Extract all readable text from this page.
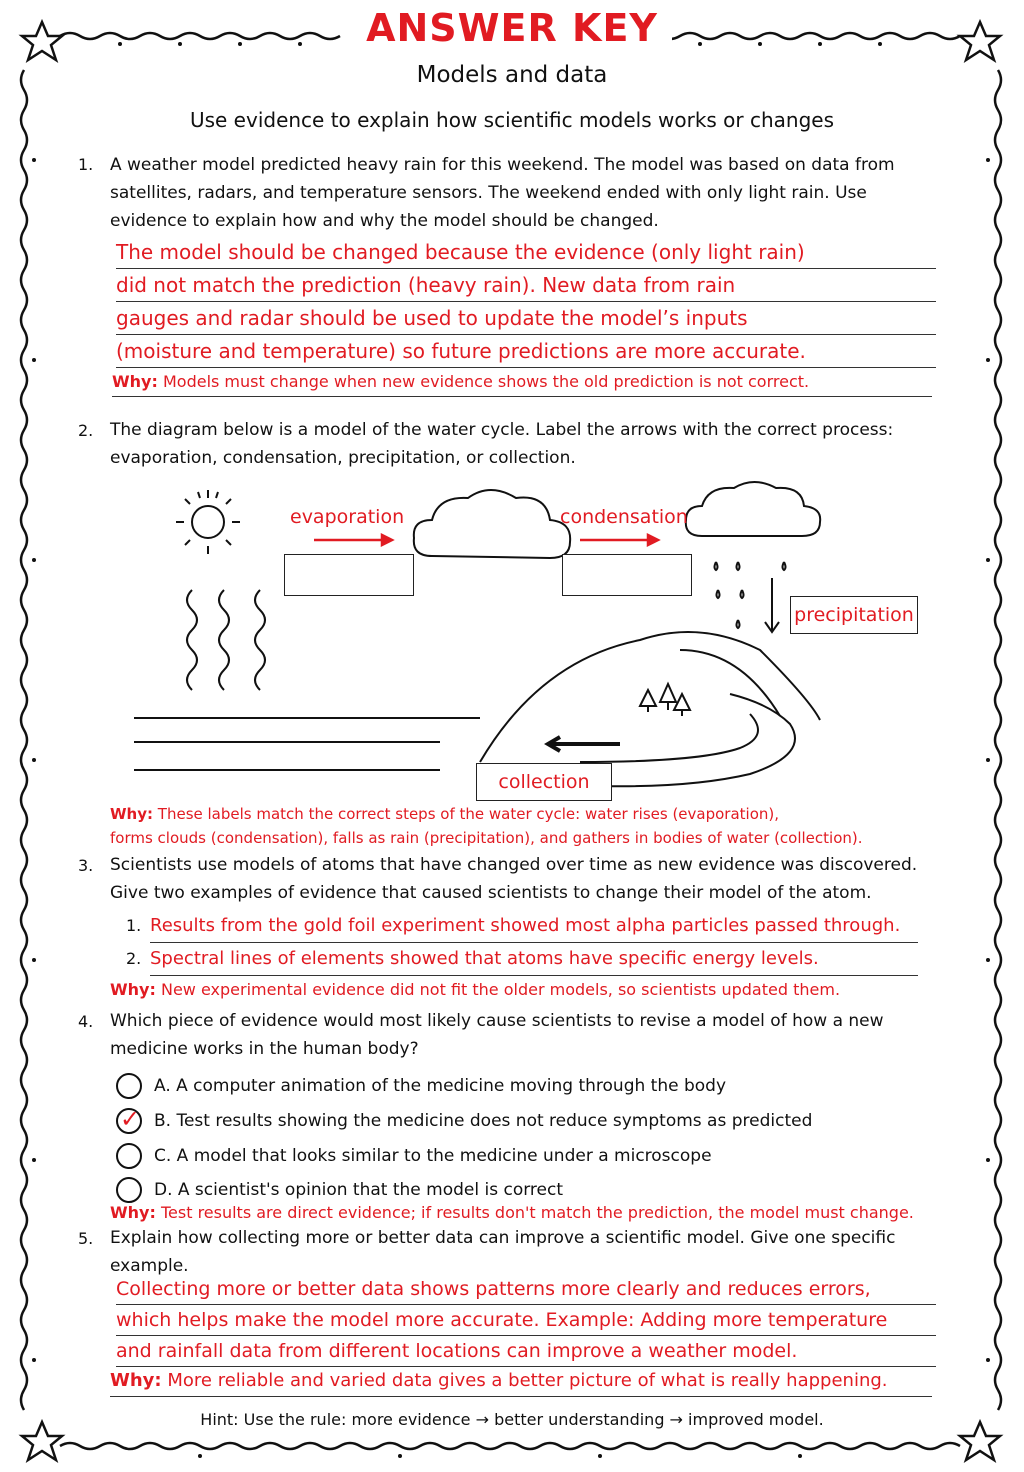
ANSWER KEY
Models and data
Use evidence to explain how scientific models works or changes
1. A weather model predicted heavy rain for this weekend. The model was based on data from
satellites, radars, and temperature sensors. The weekend ended with only light rain. Use
evidence to explain how and why the model should be changed.
The model should be changed because the evidence (only light rain)
did not match the prediction (heavy rain). New data from rain
gauges and radar should be used to update the model’s inputs
(moisture and temperature) so future predictions are more accurate.
Why: Models must change when new evidence shows the old prediction is not correct.
2. The diagram below is a model of the water cycle. Label the arrows with the correct process:
evaporation, condensation, precipitation, or collection.
evaporation	condensation
precipitation
collection
Why: These labels match the correct steps of the water cycle: water rises (evaporation),
forms clouds (condensation), falls as rain (precipitation), and gathers in bodies of water (collection).
3. Scientists use models of atoms that have changed over time as new evidence was discovered.
Give two examples of evidence that caused scientists to change their model of the atom.
1. Results from the gold foil experiment showed most alpha particles passed through.
2. Spectral lines of elements showed that atoms have specific energy levels.
Why: New experimental evidence did not fit the older models, so scientists updated them.
4. Which piece of evidence would most likely cause scientists to revise a model of how a new
medicine works in the human body?
A. A computer animation of the medicine moving through the body
✓ B. Test results showing the medicine does not reduce symptoms as predicted
C. A model that looks similar to the medicine under a microscope
D. A scientist's opinion that the model is correct
Why: Test results are direct evidence; if results don't match the prediction, the model must change.
5. Explain how collecting more or better data can improve a scientific model. Give one specific
example.
Collecting more or better data shows patterns more clearly and reduces errors,
which helps make the model more accurate. Example: Adding more temperature
and rainfall data from different locations can improve a weather model.
Why: More reliable and varied data gives a better picture of what is really happening.
Hint: Use the rule: more evidence → better understanding → improved model.
